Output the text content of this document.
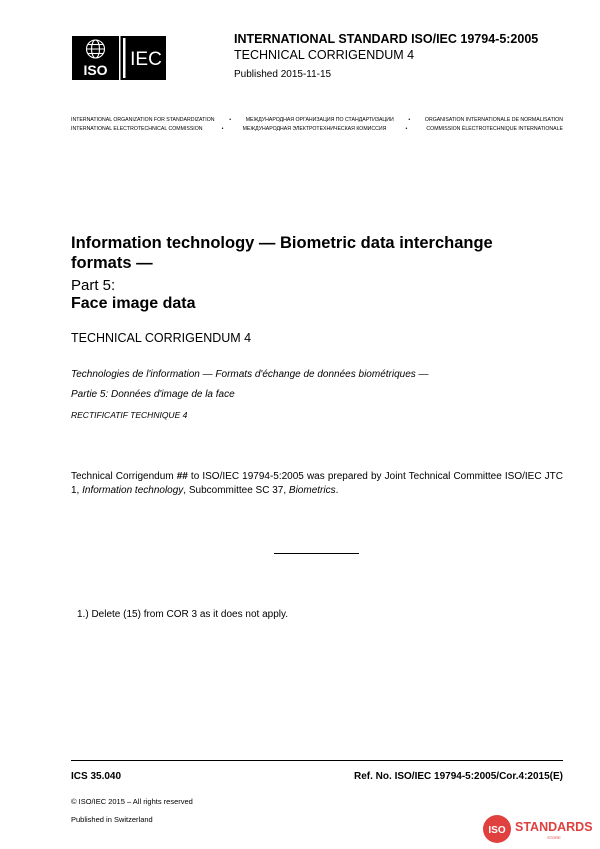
ISO IEC
INTERNATIONAL STANDARD ISO/IEC 19794-5:2005
TECHNICAL CORRIGENDUM 4
Published 2015-11-15
INTERNATIONAL ORGANIZATION FOR STANDARDIZATION	•	МЕЖДУНАРОДНАЯ ОРГАНИЗАЦИЯ ПО СТАНДАРТИЗАЦИИ	•	ORGANISATION INTERNATIONALE DE NORMALISATION
INTERNATIONAL ELECTROTECHNICAL COMMISSION	•	МЕЖДУНАРОДНАЯ ЭЛЕКТРОТЕХНИЧЕСКАЯ КОМИССИЯ	•	COMMISSION ÉLECTROTECHNIQUE INTERNATIONALE
Information technology — Biometric data interchange formats —
Part 5:
Face image data
TECHNICAL CORRIGENDUM 4
Technologies de l'information — Formats d'échange de données biométriques —
Partie 5: Données d'image de la face
RECTIFICATIF TECHNIQUE 4
Technical Corrigendum ## to ISO/IEC 19794-5:2005 was prepared by Joint Technical Committee ISO/IEC JTC 1, Information technology, Subcommittee SC 37, Biometrics.
1.) Delete (15) from COR 3 as it does not apply.
ICS 35.040	Ref. No. ISO/IEC 19794-5:2005/Cor.4:2015(E)
© ISO/IEC 2015 – All rights reserved
Published in Switzerland
ISO STANDARDS
STORE
